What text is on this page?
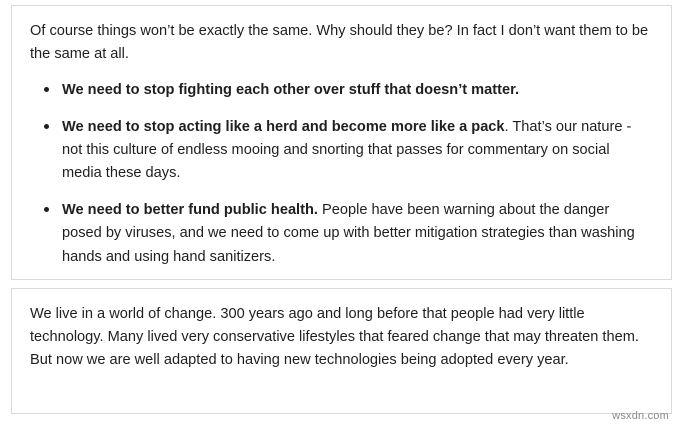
Of course things won’t be exactly the same. Why should they be? In fact I don’t want them to be the same at all.

We need to stop fighting each other over stuff that doesn’t matter.
We need to stop acting like a herd and become more like a pack. That’s our nature - not this culture of endless mooing and snorting that passes for commentary on social media these days.
We need to better fund public health. People have been warning about the danger posed by viruses, and we need to come up with better mitigation strategies than washing hands and using hand sanitizers.

We live in a world of change. 300 years ago and long before that people had very little technology. Many lived very conservative lifestyles that feared change that may threaten them. But now we are well adapted to having new technologies being adopted every year.

wsxdn.com
